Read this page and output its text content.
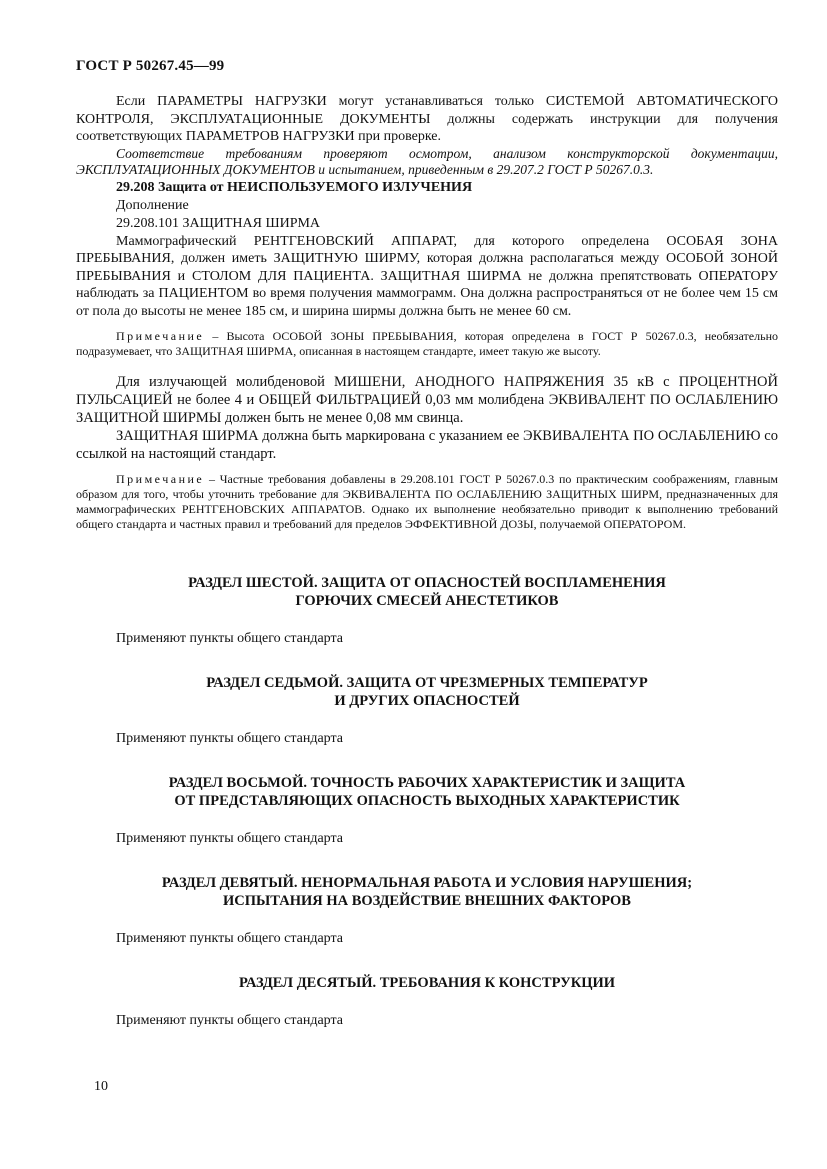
ГОСТ Р 50267.45—99

Если ПАРАМЕТРЫ НАГРУЗКИ могут устанавливаться только СИСТЕМОЙ АВТОМАТИЧЕСКОГО КОНТРОЛЯ, ЭКСПЛУАТАЦИОННЫЕ ДОКУМЕНТЫ должны содержать инструкции для получения соответствующих ПАРАМЕТРОВ НАГРУЗКИ при проверке.

Соответствие требованиям проверяют осмотром, анализом конструкторской документации, ЭКСПЛУАТАЦИОННЫХ ДОКУМЕНТОВ и испытанием, приведенным в 29.207.2 ГОСТ Р 50267.0.3.

29.208 Защита от НЕИСПОЛЬЗУЕМОГО ИЗЛУЧЕНИЯ

Дополнение

29.208.101 ЗАЩИТНАЯ ШИРМА

Маммографический РЕНТГЕНОВСКИЙ АППАРАТ, для которого определена ОСОБАЯ ЗОНА ПРЕБЫВАНИЯ, должен иметь ЗАЩИТНУЮ ШИРМУ, которая должна располагаться между ОСОБОЙ ЗОНОЙ ПРЕБЫВАНИЯ и СТОЛОМ ДЛЯ ПАЦИЕНТА. ЗАЩИТНАЯ ШИРМА не должна препятствовать ОПЕРАТОРУ наблюдать за ПАЦИЕНТОМ во время получения маммограмм. Она должна распространяться от не более чем 15 см от пола до высоты не менее 185 см, и ширина ширмы должна быть не менее 60 см.

Примечание – Высота ОСОБОЙ ЗОНЫ ПРЕБЫВАНИЯ, которая определена в ГОСТ Р 50267.0.3, необязательно подразумевает, что ЗАЩИТНАЯ ШИРМА, описанная в настоящем стандарте, имеет такую же высоту.

Для излучающей молибденовой МИШЕНИ, АНОДНОГО НАПРЯЖЕНИЯ 35 кВ с ПРОЦЕНТНОЙ ПУЛЬСАЦИЕЙ не более 4 и ОБЩЕЙ ФИЛЬТРАЦИЕЙ 0,03 мм молибдена ЭКВИВАЛЕНТ ПО ОСЛАБЛЕНИЮ ЗАЩИТНОЙ ШИРМЫ должен быть не менее 0,08 мм свинца.

ЗАЩИТНАЯ ШИРМА должна быть маркирована с указанием ее ЭКВИВАЛЕНТА ПО ОСЛАБЛЕНИЮ со ссылкой на настоящий стандарт.

Примечание – Частные требования добавлены в 29.208.101 ГОСТ Р 50267.0.3 по практическим соображениям, главным образом для того, чтобы уточнить требование для ЭКВИВАЛЕНТА ПО ОСЛАБЛЕНИЮ ЗАЩИТНЫХ ШИРМ, предназначенных для маммографических РЕНТГЕНОВСКИХ АППАРАТОВ. Однако их выполнение необязательно приводит к выполнению требований общего стандарта и частных правил и требований для пределов ЭФФЕКТИВНОЙ ДОЗЫ, получаемой ОПЕРАТОРОМ.

РАЗДЕЛ ШЕСТОЙ. ЗАЩИТА ОТ ОПАСНОСТЕЙ ВОСПЛАМЕНЕНИЯ

ГОРЮЧИХ СМЕСЕЙ АНЕСТЕТИКОВ

Применяют пункты общего стандарта

РАЗДЕЛ СЕДЬМОЙ. ЗАЩИТА ОТ ЧРЕЗМЕРНЫХ ТЕМПЕРАТУР

И ДРУГИХ ОПАСНОСТЕЙ

Применяют пункты общего стандарта

РАЗДЕЛ ВОСЬМОЙ. ТОЧНОСТЬ РАБОЧИХ ХАРАКТЕРИСТИК И ЗАЩИТА

ОТ ПРЕДСТАВЛЯЮЩИХ ОПАСНОСТЬ ВЫХОДНЫХ ХАРАКТЕРИСТИК

Применяют пункты общего стандарта

РАЗДЕЛ ДЕВЯТЫЙ. НЕНОРМАЛЬНАЯ РАБОТА И УСЛОВИЯ НАРУШЕНИЯ;

ИСПЫТАНИЯ НА ВОЗДЕЙСТВИЕ ВНЕШНИХ ФАКТОРОВ

Применяют пункты общего стандарта

РАЗДЕЛ ДЕСЯТЫЙ. ТРЕБОВАНИЯ К КОНСТРУКЦИИ

Применяют пункты общего стандарта

10
